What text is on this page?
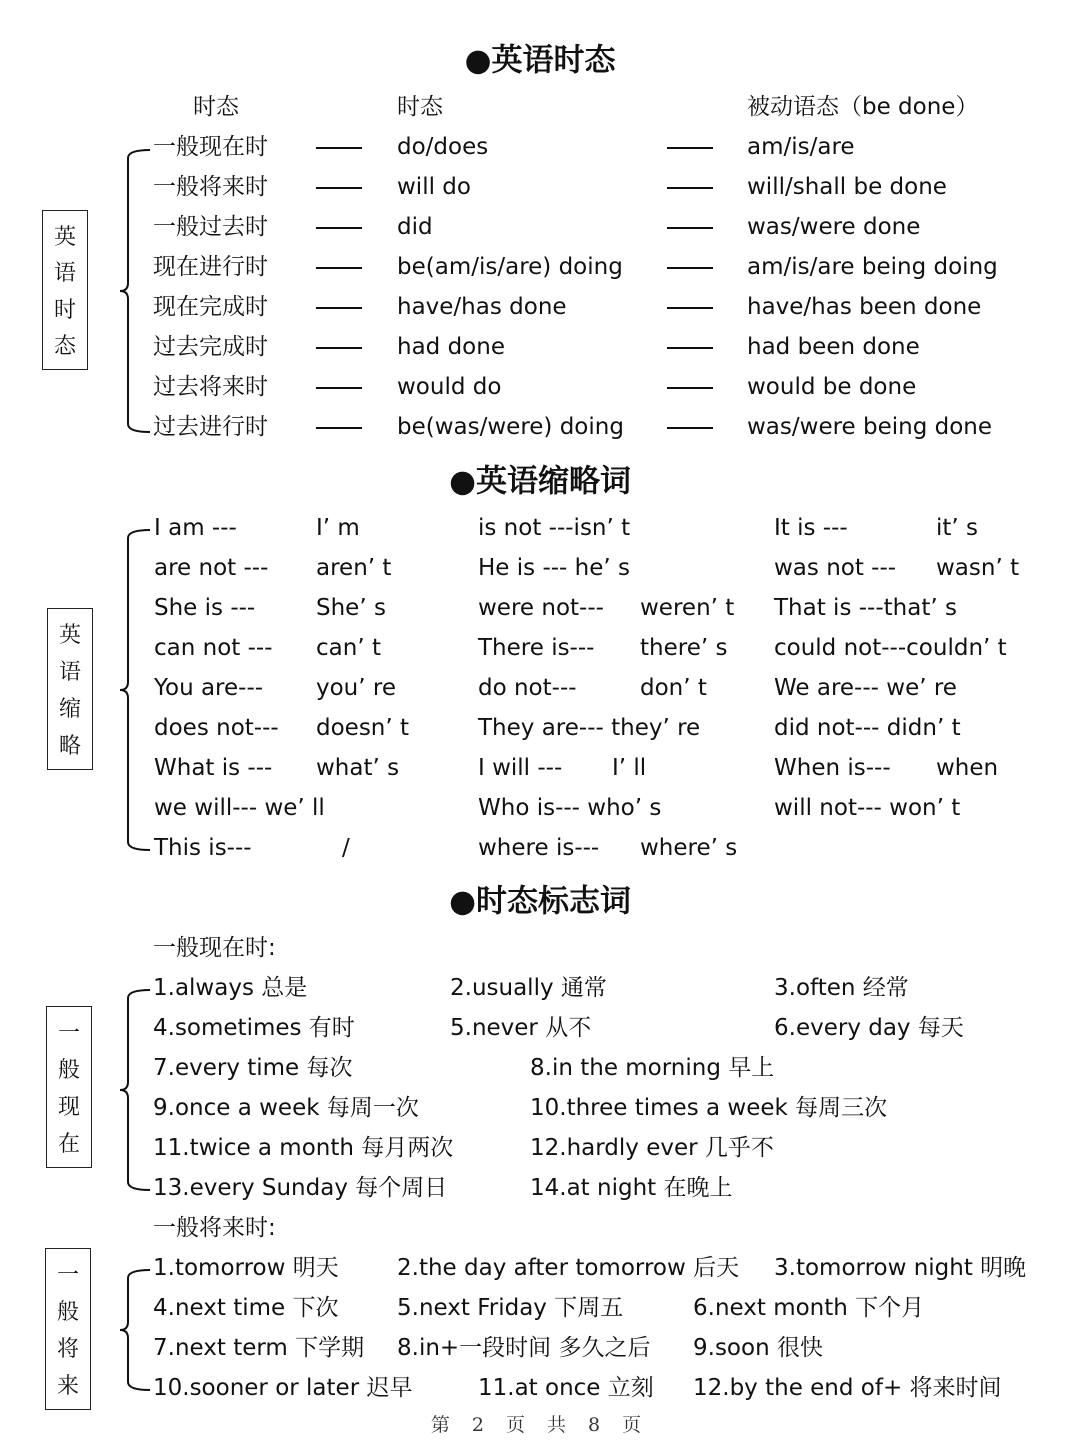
●英语时态
时态	时态	被动语态（be done）
英
语
时
态
一般现在时	do/does	am/is/are
一般将来时	will do	will/shall be done
一般过去时	did	was/were done
现在进行时	be(am/is/are) doing	am/is/are being doing
现在完成时	have/has done	have/has been done
过去完成时	had done	had been done
过去将来时	would do	would be done
过去进行时	be(was/were) doing	was/were being done
●英语缩略词
英
语
缩
略
I am ---	I’ m	is not ---isn’ t	It is ---	it’ s
are not --- aren’ t	He is --- he’ s	was not --- wasn’ t
She is ---	She’ s	were not--- weren’ t That is ---that’ s
can not --- can’ t	There is--- there’ s could not---couldn’ t
You are--- you’ re	do not---	don’ t	We are--- we’ re
does not--- doesn’ t	They are--- they’ re	did not--- didn’ t
What is --- what’ s	I will --- I’ ll	When is--- when
we will--- we’ ll	Who is--- who’ s	will not--- won’ t
This is---	/	where is--- where’ s
●时态标志词
一般现在时:
一
般
现
在
1.always 总是	2.usually 通常	3.often 经常
4.sometimes 有时	5.never 从不	6.every day 每天
7.every time 每次	8.in the morning 早上
9.once a week 每周一次	10.three times a week 每周三次
11.twice a month 每月两次	12.hardly ever 几乎不
13.every Sunday 每个周日	14.at night 在晚上
一般将来时:
一
般
将
来
1.tomorrow 明天	2.the day after tomorrow 后天 3.tomorrow night 明晚
4.next time 下次	5.next Friday 下周五	6.next month 下个月
7.next term 下学期 8.in+一段时间 多久之后 9.soon 很快
10.sooner or later 迟早	11.at once 立刻 12.by the end of+ 将来时间
第 2 页 共 8 页
